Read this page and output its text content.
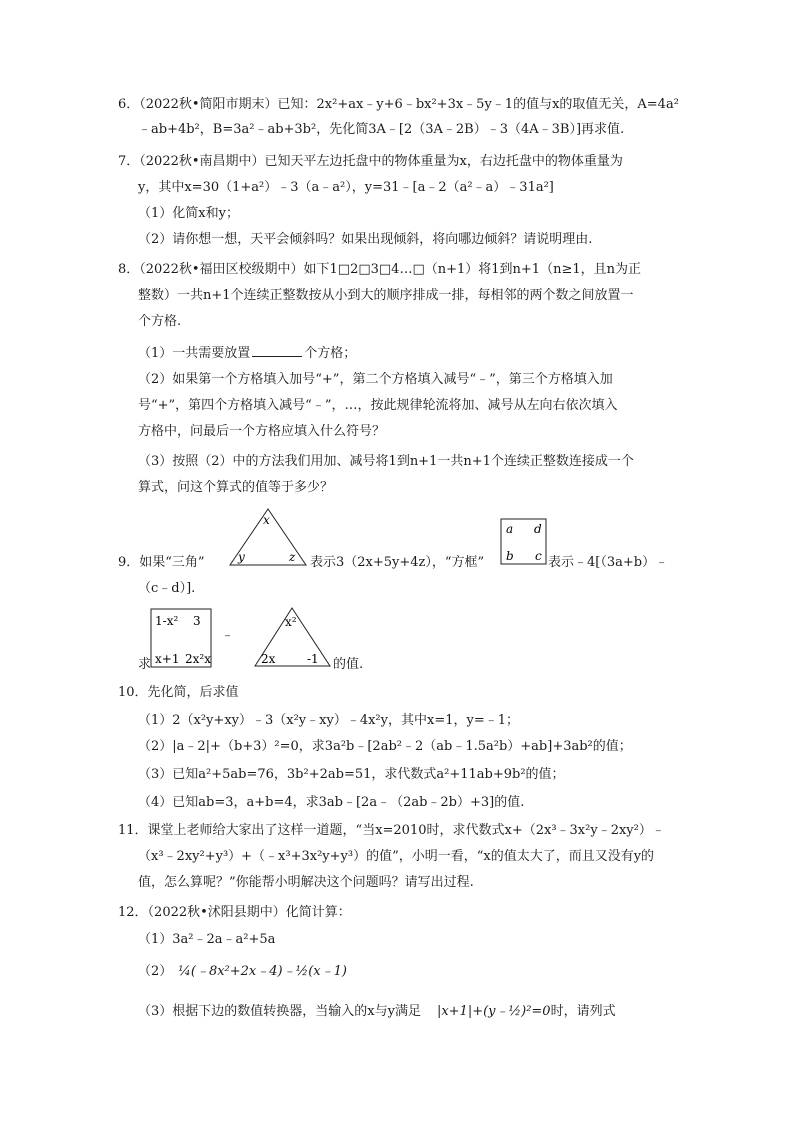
6．（2022秋•简阳市期末）已知：2x²+ax﹣y+6﹣bx²+3x﹣5y﹣1的值与x的取值无关，A=4a²
﹣ab+4b²，B=3a²﹣ab+3b²，先化简3A﹣[2（3A﹣2B）﹣3（4A﹣3B）]再求值.
7．（2022秋•南昌期中）已知天平左边托盘中的物体重量为x，右边托盘中的物体重量为
y，其中x=30（1+a²）﹣3（a﹣a²），y=31﹣[a﹣2（a²﹣a）﹣31a²]
（1）化简x和y；
（2）请你想一想，天平会倾斜吗？如果出现倾斜，将向哪边倾斜？请说明理由.
8．（2022秋•福田区校级期中）如下1□2□3□4…□（n+1）将1到n+1（n≥1，且n为正
整数）一共n+1个连续正整数按从小到大的顺序排成一排，每相邻的两个数之间放置一
个方格.
（1）一共需要放置	个方格；
（2）如果第一个方格填入加号“+”，第二个方格填入减号“﹣”，第三个方格填入加
号“+”，第四个方格填入减号“﹣”，…，按此规律轮流将加、减号从左向右依次填入
方格中，问最后一个方格应填入什么符号？
（3）按照（2）中的方法我们用加、减号将1到n+1一共n+1个连续正整数连接成一个
算式，问这个算式的值等于多少？
9．如果“三角”
x
y	z 表示3（2x+5y+4z），“方框”
a d
b c 表示﹣4[（3a+b）﹣
（c﹣d）].
求
1-x² 3
x+1 2x²x
﹣
x²
2x	-1 的值.
10．先化简，后求值
（1）2（x²y+xy）﹣3（x²y﹣xy）﹣4x²y，其中x=1，y=﹣1；
（2）|a﹣2|+（b+3）²=0，求3a²b﹣[2ab²﹣2（ab﹣1.5a²b）+ab]+3ab²的值；
（3）已知a²+5ab=76，3b²+2ab=51，求代数式a²+11ab+9b²的值；
（4）已知ab=3，a+b=4，求3ab﹣[2a﹣（2ab﹣2b）+3]的值.
11．课堂上老师给大家出了这样一道题，“当x=2010时，求代数式x+（2x³﹣3x²y﹣2xy²）﹣
（x³﹣2xy²+y³）+（﹣x³+3x²y+y³）的值”，小明一看，“x的值太大了，而且又没有y的
值，怎么算呢？”你能帮小明解决这个问题吗？请写出过程.
12．（2022秋•沭阳县期中）化简计算：
（1）3a²﹣2a﹣a²+5a
（2） ¼(﹣8x²+2x﹣4)﹣½(x﹣1)
（3）根据下边的数值转换器，当输入的x与y满足 |x+1|+(y﹣½)²=0时，请列式
